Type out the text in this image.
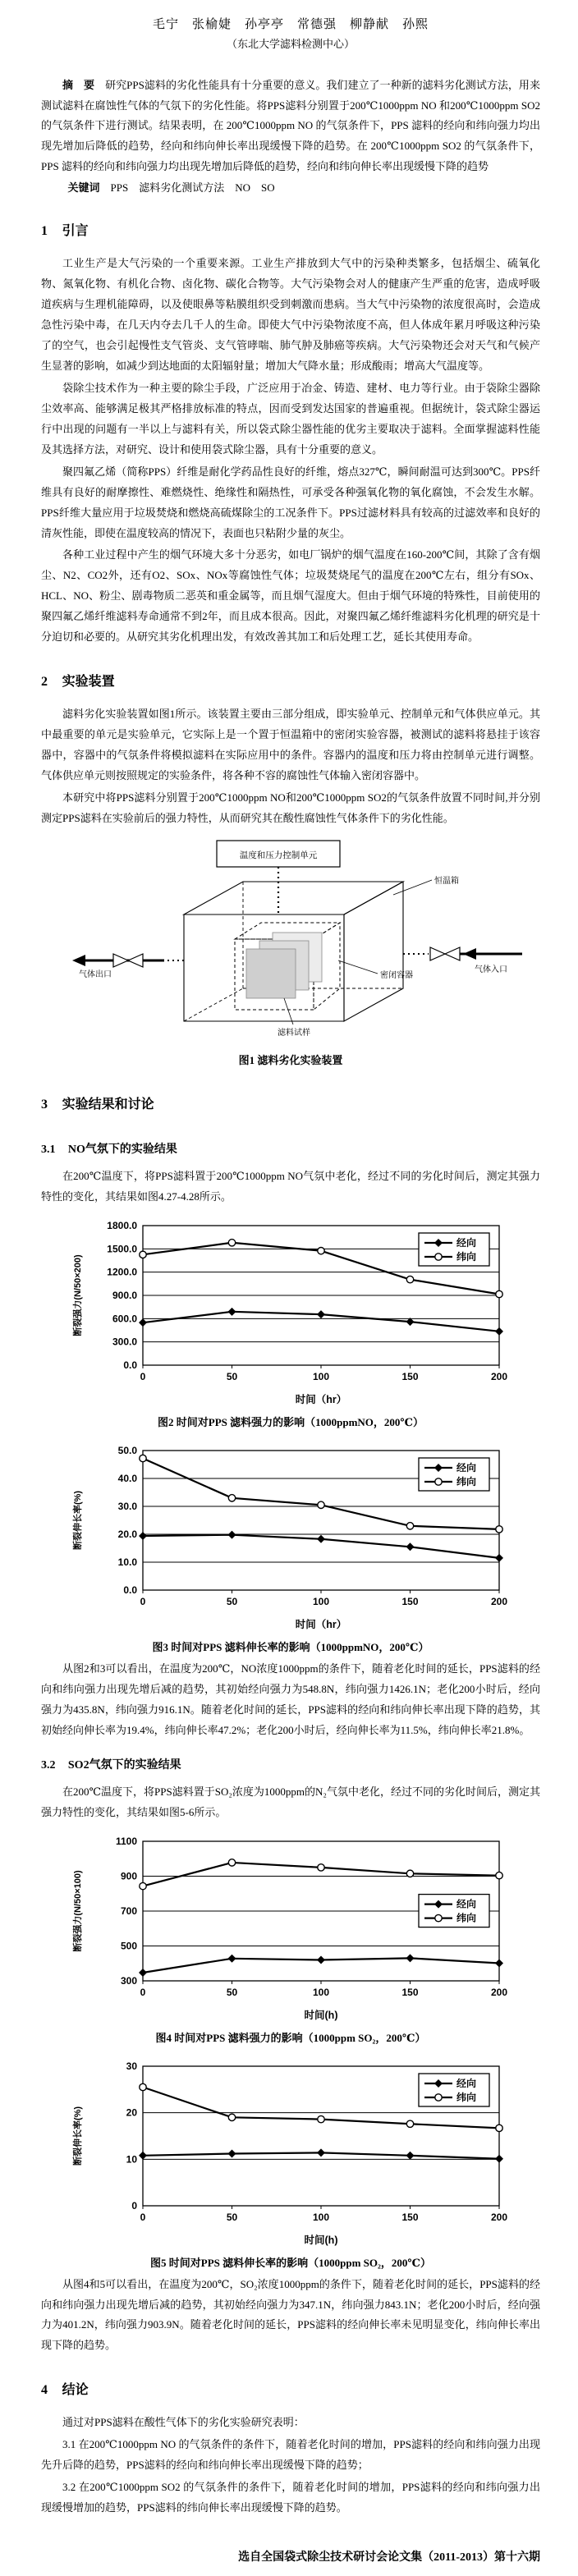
毛宁　张榆婕　孙亭亭　常德强　柳静献　孙熙
（东北大学滤料检测中心）

摘　要　 研究PPS滤料的劣化性能具有十分重要的意义。我们建立了一种新的滤料劣化测试方法，用来测试滤料在腐蚀性气体的气氛下的劣化性能。将PPS滤料分别置于200℃1000ppm NO 和200℃1000ppm SO2 的气氛条件下进行测试。结果表明，在 200℃1000ppm NO 的气氛条件下，PPS 滤料的经向和纬向强力均出现先增加后降低的趋势，经向和纬向伸长率出现缓慢下降的趋势。在 200℃1000ppm SO2 的气氛条件下，PPS 滤料的经向和纬向强力均出现先增加后降低的趋势，经向和纬向伸长率出现缓慢下降的趋势

关键词　 PPS　滤料劣化测试方法　NO　SO

1 引言

工业生产是大气污染的一个重要来源。工业生产排放到大气中的污染种类繁多，包括烟尘、硫氧化物、氮氧化物、有机化合物、卤化物、碳化合物等。大气污染物会对人的健康产生严重的危害，造成呼吸道疾病与生理机能障碍，以及使眼鼻等粘膜组织受到刺激而患病。当大气中污染物的浓度很高时，会造成急性污染中毒，在几天内夺去几千人的生命。即使大气中污染物浓度不高，但人体成年累月呼吸这种污染了的空气，也会引起慢性支气管炎、支气管哮喘、肺气肿及肺癌等疾病。大气污染物还会对天气和气候产生显著的影响，如减少到达地面的太阳辐射量；增加大气降水量；形成酸雨；增高大气温度等。

袋除尘技术作为一种主要的除尘手段，广泛应用于冶金、铸造、建材、电力等行业。由于袋除尘器除尘效率高、能够满足极其严格排放标准的特点，因而受到发达国家的普遍重视。但据统计，袋式除尘器运行中出现的问题有一半以上与滤料有关，所以袋式除尘器性能的优劣主要取决于滤料。全面掌握滤料性能及其选择方法，对研究、设计和使用袋式除尘器，具有十分重要的意义。

聚四氟乙烯（简称PPS）纤维是耐化学药品性良好的纤维，熔点327℃，瞬间耐温可达到300℃。PPS纤维具有良好的耐摩擦性、难燃烧性、绝缘性和隔热性，可承受各种强氧化物的氧化腐蚀，不会发生水解。PPS纤维大量应用于垃圾焚烧和燃烧高硫煤除尘的工况条件下。PPS过滤材料具有较高的过滤效率和良好的清灰性能，即使在温度较高的情况下，表面也只粘附少量的灰尘。

各种工业过程中产生的烟气环境大多十分恶劣，如电厂锅炉的烟气温度在160-200℃间，其除了含有烟尘、N2、CO2外，还有O2、SOx、NOx等腐蚀性气体；垃圾焚烧尾气的温度在200℃左右，组分有SOx、HCL、NO、粉尘、剧毒物质二恶英和重金属等，而且烟气湿度大。但由于烟气环境的特殊性，目前使用的聚四氟乙烯纤维滤料寿命通常不到2年，而且成本很高。因此，对聚四氟乙烯纤维滤料劣化机理的研究是十分迫切和必要的。从研究其劣化机理出发，有效改善其加工和后处理工艺，延长其使用寿命。

2 实验装置

滤料劣化实验装置如图1所示。该装置主要由三部分组成，即实验单元、控制单元和气体供应单元。其中最重要的单元是实验单元，它实际上是一个置于恒温箱中的密闭实验容器，被测试的滤料将悬挂于该容器中，容器中的气氛条件将模拟滤料在实际应用中的条件。容器内的温度和压力将由控制单元进行调整。气体供应单元则按照规定的实验条件，将各种不容的腐蚀性气体输入密闭容器中。

本研究中将PPS滤料分别置于200℃1000ppm NO和200℃1000ppm SO2的气氛条件放置不同时间,并分别测定PPS滤料在实验前后的强力特性，从而研究其在酸性腐蚀性气体条件下的劣化性能。

温度和压力控制单元
恒温箱
密闭容器
滤料试样
气体出口
气体入口
图1 滤料劣化实验装置
3 实验结果和讨论
3.1 NO气氛下的实验结果

在200℃温度下，将PPS滤料置于200℃1000ppm NO气氛中老化，经过不同的劣化时间后，测定其强力特性的变化，其结果如图4.27-4.28所示。

0.0
300.0
600.0
900.0
1200.0
1500.0
1800.0
0	50	100	150	200
时间（hr）
断裂强力(N/50×200)
经向
纬向
图2 时间对PPS 滤料强力的影响（1000ppmNO，200℃）
0.0
10.0
20.0
30.0
40.0
50.0
0	50	100	150	200
时间（hr）
断裂伸长率(%)
经向
纬向
图3 时间对PPS 滤料伸长率的影响（1000ppmNO，200℃）

从图2和3可以看出，在温度为200℃，NO浓度1000ppm的条件下，随着老化时间的延长，PPS滤料的经向和纬向强力出现先增后减的趋势，其初始经向强力为548.8N，纬向强力1426.1N；老化200小时后，经向强力为435.8N，纬向强力916.1N。随着老化时间的延长，PPS滤料的经向和纬向伸长率出现下降的趋势，其初始经向伸长率为19.4%，纬向伸长率47.2%；老化200小时后，经向伸长率为11.5%，纬向伸长率21.8%。

3.2 SO2气氛下的实验结果

在200℃温度下，将PPS滤料置于SO₂浓度为1000ppm的N₂气氛中老化，经过不同的劣化时间后，测定其强力特性的变化，其结果如图5-6所示。

300
500
700
900
1100
0	50	100	150	200
时间(h)
断裂强力(N/50×100)	经向
纬向
图4 时间对PPS 滤料强力的影响（1000ppm SO₂，200℃）
0
10
20
30
0	50	100	150	200
时间(h)
断裂伸长率(%)
经向
纬向
图5 时间对PPS 滤料伸长率的影响（1000ppm SO₂，200℃）

从图4和5可以看出，在温度为200℃，SO₂浓度1000ppm的条件下，随着老化时间的延长，PPS滤料的经向和纬向强力出现先增后减的趋势，其初始经向强力为347.1N，纬向强力843.1N；老化200小时后，经向强力为401.2N，纬向强力903.9N。随着老化时间的延长，PPS滤料的经向伸长率未见明显变化，纬向伸长率出现下降的趋势。

4 结论

通过对PPS滤料在酸性气体下的劣化实验研究表明：

3.1 在200℃1000ppm NO 的气氛条件的条件下，随着老化时间的增加，PPS滤料的经向和纬向强力出现先升后降的趋势，PPS滤料的经向和纬向伸长率出现缓慢下降的趋势；

3.2 在200℃1000ppm SO2 的气氛条件的条件下，随着老化时间的增加，PPS滤料的经向和纬向强力出现缓慢增加的趋势，PPS滤料的纬向伸长率出现缓慢下降的趋势。

选自全国袋式除尘技术研讨会论文集（2011-2013）第十六期
